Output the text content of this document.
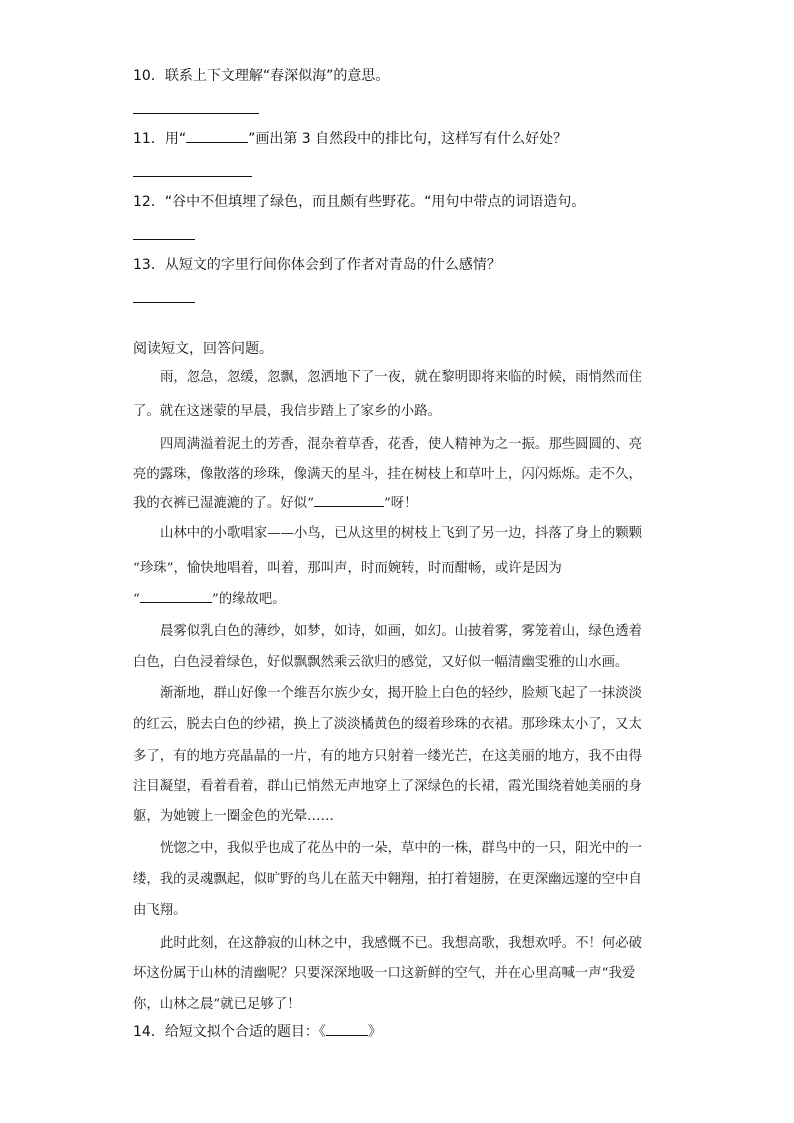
10．联系上下文理解“春深似海”的意思。
11．用“	”画出第 3 自然段中的排比句，这样写有什么好处？
12．“谷中不但填埋了绿色，而且颇有些野花。“用句中带点的词语造句。
13．从短文的字里行间你体会到了作者对青岛的什么感情？
阅读短文，回答问题。
雨，忽急，忽缓，忽飘，忽洒地下了一夜，就在黎明即将来临的时候，雨悄然而住
了。就在这迷蒙的早晨，我信步踏上了家乡的小路。
四周满溢着泥土的芳香，混杂着草香，花香，使人精神为之一振。那些圆圆的、亮
亮的露珠，像散落的珍珠，像满天的星斗，挂在树枝上和草叶上，闪闪烁烁。走不久，
我的衣裤已湿漉漉的了。好似“	”呀！
山林中的小歌唱家——小鸟，已从这里的树枝上飞到了另一边，抖落了身上的颗颗
“珍珠”，愉快地唱着，叫着，那叫声，时而婉转，时而酣畅，或许是因为
“	”的缘故吧。
晨雾似乳白色的薄纱，如梦，如诗，如画，如幻。山披着雾，雾笼着山，绿色透着
白色，白色浸着绿色，好似飘飘然乘云欲归的感觉，又好似一幅清幽雯雅的山水画。
渐渐地，群山好像一个维吾尔族少女，揭开脸上白色的轻纱，脸颊飞起了一抹淡淡
的红云，脱去白色的纱裙，换上了淡淡橘黄色的缀着珍珠的衣裙。那珍珠太小了，又太
多了，有的地方亮晶晶的一片，有的地方只射着一缕光芒，在这美丽的地方，我不由得
注目凝望，看着看着，群山已悄然无声地穿上了深绿色的长裙，霞光围绕着她美丽的身
躯，为她镀上一圈金色的光晕……
恍惚之中，我似乎也成了花丛中的一朵，草中的一株，群鸟中的一只，阳光中的一
缕，我的灵魂飘起，似旷野的鸟儿在蓝天中翱翔，拍打着翅膀，在更深幽远邃的空中自
由飞翔。
此时此刻，在这静寂的山林之中，我感慨不已。我想高歌，我想欢呼。不！何必破
坏这份属于山林的清幽呢？只要深深地吸一口这新鲜的空气，并在心里高喊一声“我爱
你，山林之晨”就已足够了！
14．给短文拟个合适的题目：《	》
